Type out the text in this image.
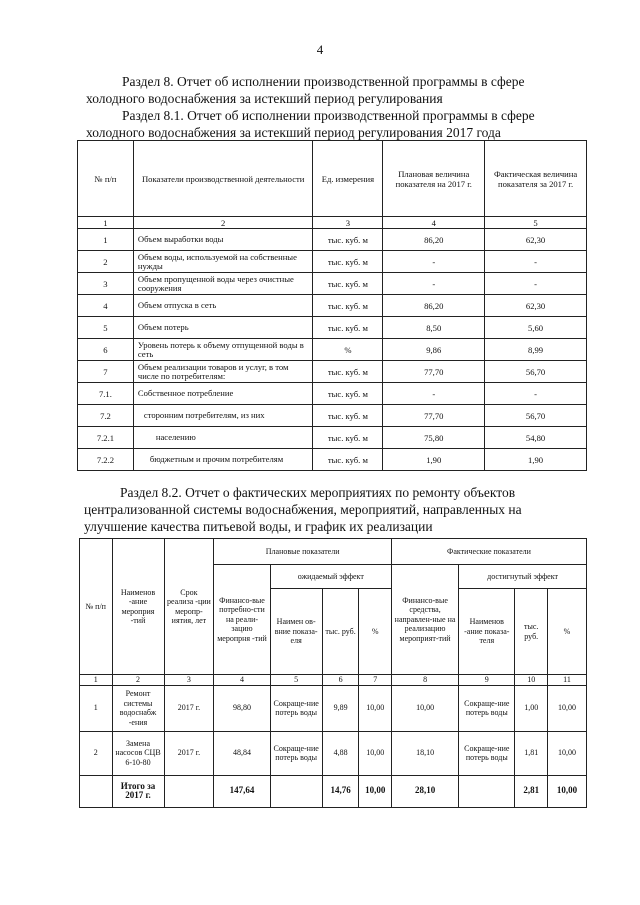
4
Раздел 8. Отчет об исполнении производственной программы в сфере
холодного водоснабжения за истекший период регулирования
Раздел 8.1. Отчет об исполнении производственной программы в сфере
холодного водоснабжения за истекший период регулирования 2017 года
№ п/п	Показатели производственной деятельности	Ед. измерения	Плановая величина показателя на 2017 г.	Фактическая величина показателя за 2017 г.
1	2	3	4	5
1	Объем выработки воды	тыс. куб. м	86,20	62,30
2	Объем воды, используемой на собственные нужды	тыс. куб. м	-	-
3	Объем пропущенной воды через очистные сооружения	тыс. куб. м	-	-
4	Объем отпуска в сеть	тыс. куб. м	86,20	62,30
5	Объем потерь	тыс. куб. м	8,50	5,60
6	Уровень потерь к объему отпущенной воды в сеть	%	9,86	8,99
7	Объем реализации товаров и услуг, в том числе по потребителям:	тыс. куб. м	77,70	56,70
7.1.	Собственное потребление	тыс. куб. м	-	-
7.2	сторонним потребителям, из них	тыс. куб. м	77,70	56,70
7.2.1	населению	тыс. куб. м	75,80	54,80
7.2.2	бюджетным и прочим потребителям	тыс. куб. м	1,90	1,90
Раздел 8.2. Отчет о фактических мероприятиях по ремонту объектов
централизованной системы водоснабжения, мероприятий, направленных на
улучшение качества питьевой воды, и график их реализации
№ п/п	Наименов -ание мероприя -тий	Срок реализа -ции меропр-иятия, лет	Плановые показатели				Фактические показатели			
			Финансо-вые потребно-сти на реали-зацию меропрня -тий	ожидаемый эффект			Финансо-вые средства, направлен-ные на реализацию мероприят-тий	достигнутый эффект		
				Наимен ов-вние показа-еля	тыс. руб.	%		Наименов -ание показа-теля	тыс. руб.	%
1	2	3	4	5	6	7	8	9	10	11
1	Ремонт системы водоснабж -ения	2017 г.	98,80	Сокраще-ние потерь воды	9,89	10,00	10,00	Сокраще-ние потерь воды	1,00	10,00
2	Замена насосов СЦВ 6-10-80	2017 г.	48,84	Сокраще-ние потерь воды	4,88	10,00	18,10	Сокраще-ние потерь воды	1,81	10,00
	Итого за 2017 г.		147,64		14,76	10,00	28,10		2,81	10,00
